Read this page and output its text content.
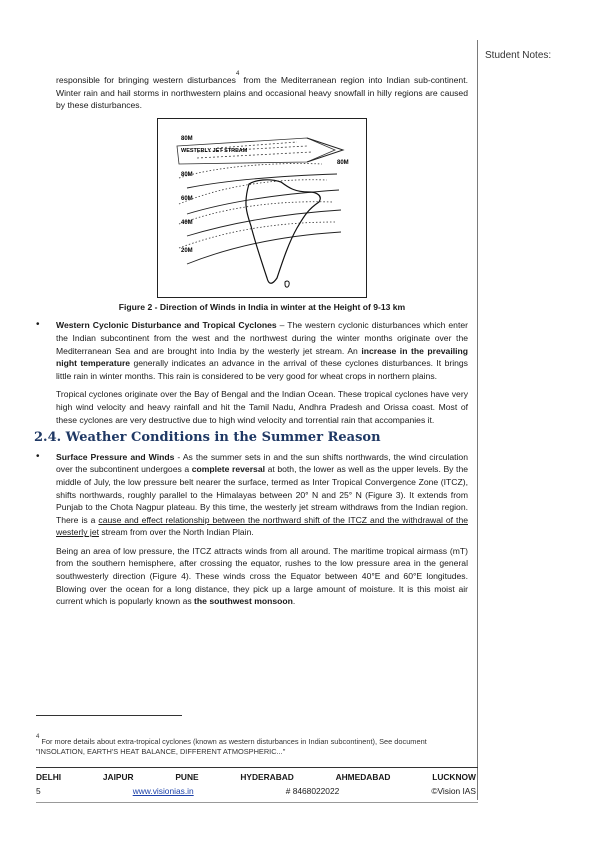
Student Notes:

responsible for bringing western disturbances$^4$ from the Mediterranean region into Indian sub-continent. Winter rain and hail storms in northwestern plains and occasional heavy snowfall in hilly regions are caused by these disturbances.

80M
WESTERLY JET STREAM
80M
80M
60M
40M
20M
Figure 2 - Direction of Winds in India in winter at the Height of 9-13 km
• Western Cyclonic Disturbance and Tropical Cyclones – The western cyclonic disturbances which enter the Indian subcontinent from the west and the northwest during the winter months originate over the Mediterranean Sea and are brought into India by the westerly jet stream. An increase in the prevailing night temperature generally indicates an advance in the arrival of these cyclones disturbances. It brings little rain in winter months. This rain is considered to be very good for wheat crops in northern plains.

Tropical cyclones originate over the Bay of Bengal and the Indian Ocean. These tropical cyclones have very high wind velocity and heavy rainfall and hit the Tamil Nadu, Andhra Pradesh and Orissa coast. Most of these cyclones are very destructive due to high wind velocity and torrential rain that accompanies it.

2.4. Weather Conditions in the Summer Reason
• Surface Pressure and Winds - As the summer sets in and the sun shifts northwards, the wind circulation over the subcontinent undergoes a complete reversal at both, the lower as well as the upper levels. By the middle of July, the low pressure belt nearer the surface, termed as Inter Tropical Convergence Zone (ITCZ), shifts northwards, roughly parallel to the Himalayas between 20° N and 25° N (Figure 3). It extends from Punjab to the Chota Nagpur plateau. By this time, the westerly jet stream withdraws from the Indian region. There is a cause and effect relationship between the northward shift of the ITCZ and the withdrawal of the westerly jet stream from over the North Indian Plain.

Being an area of low pressure, the ITCZ attracts winds from all around. The maritime tropical airmass (mT) from the southern hemisphere, after crossing the equator, rushes to the low pressure area in the general southwesterly direction (Figure 4). These winds cross the Equator between 40°E and 60°E longitudes. Blowing over the ocean for a long distance, they pick up a large amount of moisture. It is this moist air current which is popularly known as the southwest monsoon.

$^4$ For more details about extra-tropical cyclones (known as western disturbances in Indian subcontinent), See document "INSOLATION, EARTH'S HEAT BALANCE, DIFFERENT ATMOSPHERIC..."
DELHI	JAIPUR	PUNE	HYDERABAD	AHMEDABAD	LUCKNOW
5	www.visionias.in	# 8468022022	©Vision IAS
